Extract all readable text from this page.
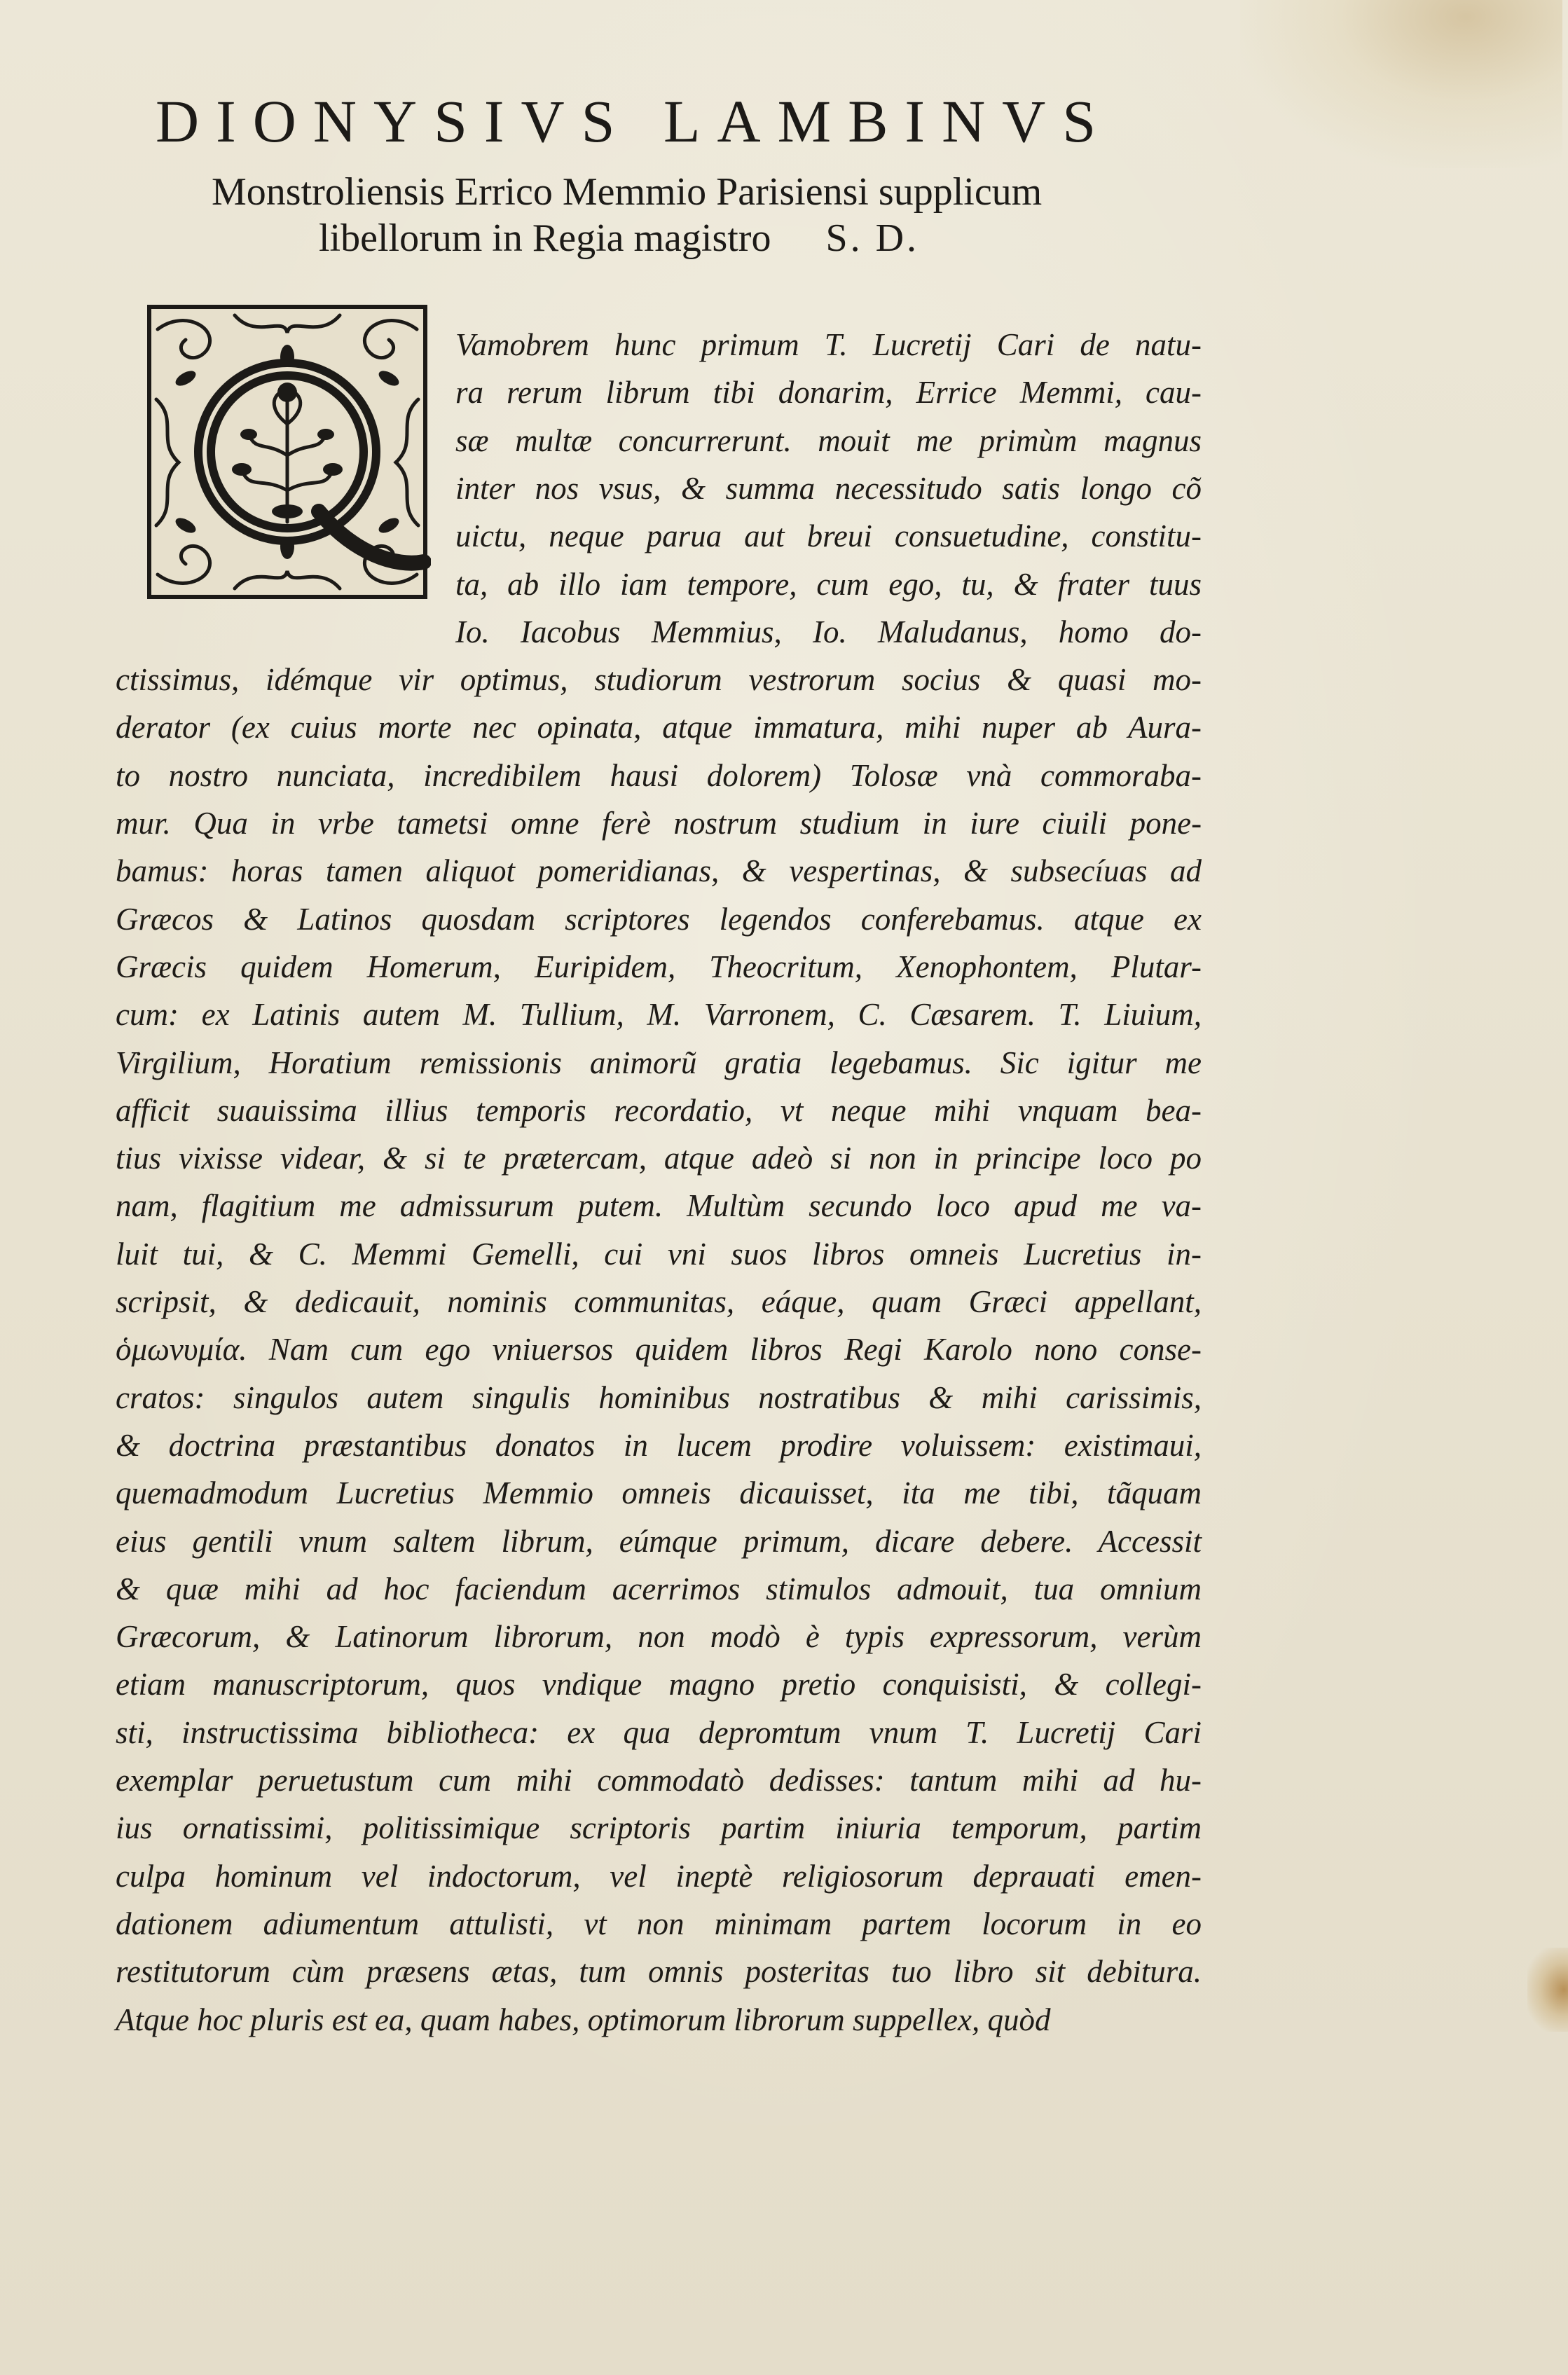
DIONYSIVS LAMBINVS
Monstroliensis Errico Memmio Parisiensi supplicum
libellorum in Regia magistro S. D.
Vamobrem hunc primum T. Lucretij Cari de natu-
ra rerum librum tibi donarim, Errice Memmi, cau-
sæ multæ concurrerunt. mouit me primùm magnus
inter nos vsus, & summa necessitudo satis longo cõ
uictu, neque parua aut breui consuetudine, constitu-
ta, ab illo iam tempore, cum ego, tu, & frater tuus
Io. Iacobus Memmius, Io. Maludanus, homo do-
ctissimus, idémque vir optimus, studiorum vestrorum socius & quasi mo-
derator (ex cuius morte nec opinata, atque immatura, mihi nuper ab Aura-
to nostro nunciata, incredibilem hausi dolorem) Tolosæ vnà commoraba-
mur. Qua in vrbe tametsi omne ferè nostrum studium in iure ciuili pone-
bamus: horas tamen aliquot pomeridianas, & vespertinas, & subsecíuas ad
Græcos & Latinos quosdam scriptores legendos conferebamus. atque ex
Græcis quidem Homerum, Euripidem, Theocritum, Xenophontem, Plutar-
cum: ex Latinis autem M. Tullium, M. Varronem, C. Cæsarem. T. Liuium,
Virgilium, Horatium remissionis animorũ gratia legebamus. Sic igitur me
afficit suauissima illius temporis recordatio, vt neque mihi vnquam bea-
tius vixisse videar, & si te prætercam, atque adeò si non in principe loco po
nam, flagitium me admissurum putem. Multùm secundo loco apud me va-
luit tui, & C. Memmi Gemelli, cui vni suos libros omneis Lucretius in-
scripsit, & dedicauit, nominis communitas, eáque, quam Græci appellant,
ὁμωνυμία. Nam cum ego vniuersos quidem libros Regi Karolo nono conse-
cratos: singulos autem singulis hominibus nostratibus & mihi carissimis,
& doctrina præstantibus donatos in lucem prodire voluissem: existimaui,
quemadmodum Lucretius Memmio omneis dicauisset, ita me tibi, tãquam
eius gentili vnum saltem librum, eúmque primum, dicare debere. Accessit
& quæ mihi ad hoc faciendum acerrimos stimulos admouit, tua omnium
Græcorum, & Latinorum librorum, non modò è typis expressorum, verùm
etiam manuscriptorum, quos vndique magno pretio conquisisti, & collegi-
sti, instructissima bibliotheca: ex qua depromtum vnum T. Lucretij Cari
exemplar peruetustum cum mihi commodatò dedisses: tantum mihi ad hu-
ius ornatissimi, politissimique scriptoris partim iniuria temporum, partim
culpa hominum vel indoctorum, vel ineptè religiosorum deprauati emen-
dationem adiumentum attulisti, vt non minimam partem locorum in eo
restitutorum cùm præsens ætas, tum omnis posteritas tuo libro sit debitura.
Atque hoc pluris est ea, quam habes, optimorum librorum suppellex, quòd
